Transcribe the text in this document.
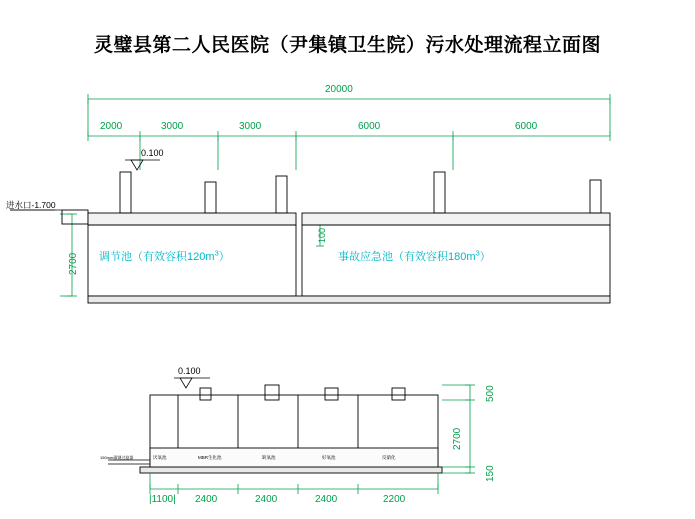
灵璧县第二人民医院（尹集镇卫生院）污水处理流程立面图
20000
2000	3000	3000	6000	6000
0.100
进水口-1.700
2700
100
调节池（有效容积$120m^3$）	事故应急池（有效容积$180m^3$）
0.100
150mm碳钢过滤器	厌氧池	MBR生化池	缺氧池	好氧池	反硝化
|1100| 2400	2400	2400	2200
500
2700
150
